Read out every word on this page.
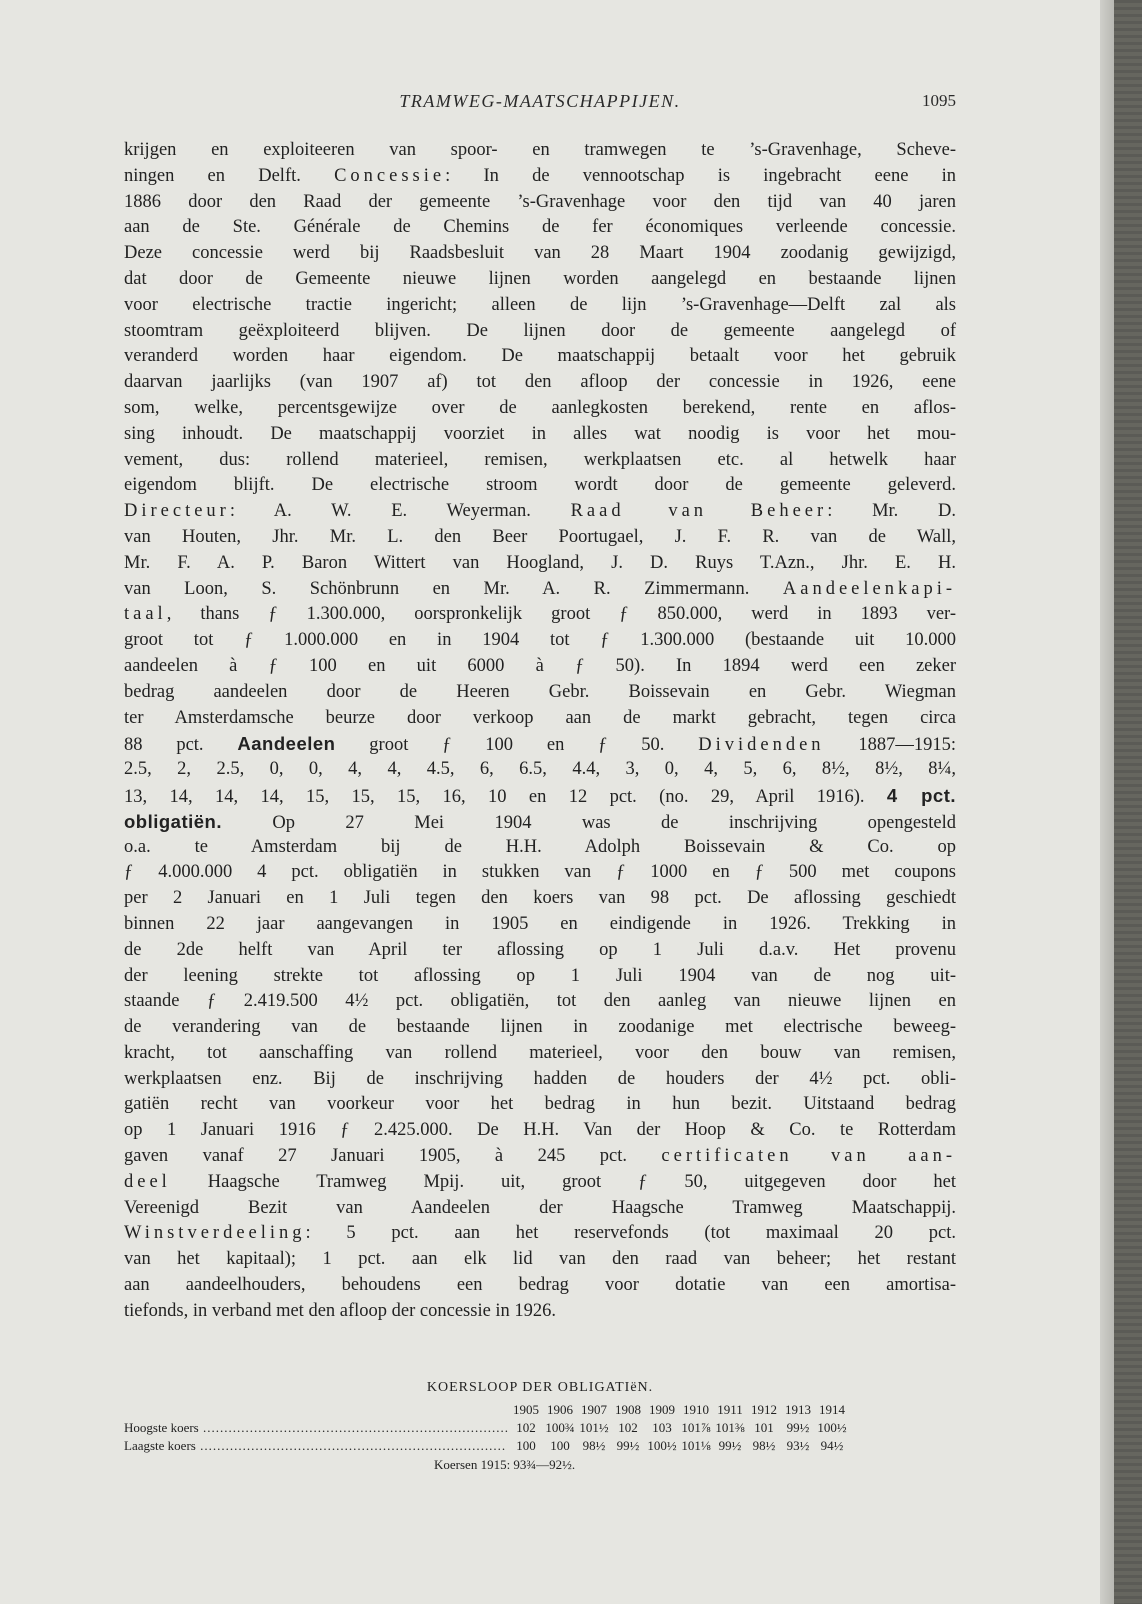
TRAMWEG-MAATSCHAPPIJEN.	1095
krijgen en exploiteeren van spoor- en tramwegen te ’s-Gravenhage, Scheve-
ningen en Delft. Concessie: In de vennootschap is ingebracht eene in
1886 door den Raad der gemeente ’s-Gravenhage voor den tijd van 40 jaren
aan de Ste. Générale de Chemins de fer économiques verleende concessie.
Deze concessie werd bij Raadsbesluit van 28 Maart 1904 zoodanig gewijzigd,
dat door de Gemeente nieuwe lijnen worden aangelegd en bestaande lijnen
voor electrische tractie ingericht; alleen de lijn ’s-Gravenhage—Delft zal als
stoomtram geëxploiteerd blijven. De lijnen door de gemeente aangelegd of
veranderd worden haar eigendom. De maatschappij betaalt voor het gebruik
daarvan jaarlijks (van 1907 af) tot den afloop der concessie in 1926, eene
som, welke, percentsgewijze over de aanlegkosten berekend, rente en aflos-
sing inhoudt. De maatschappij voorziet in alles wat noodig is voor het mou-
vement, dus: rollend materieel, remisen, werkplaatsen etc. al hetwelk haar
eigendom blijft. De electrische stroom wordt door de gemeente geleverd.
Directeur: A. W. E. Weyerman. Raad van Beheer: Mr. D.
van Houten, Jhr. Mr. L. den Beer Poortugael, J. F. R. van de Wall,
Mr. F. A. P. Baron Wittert van Hoogland, J. D. Ruys T.Azn., Jhr. E. H.
van Loon, S. Schönbrunn en Mr. A. R. Zimmermann. Aandeelenkapi-
taal, thans ƒ 1.300.000, oorspronkelijk groot ƒ 850.000, werd in 1893 ver-
groot tot ƒ 1.000.000 en in 1904 tot ƒ 1.300.000 (bestaande uit 10.000
aandeelen à ƒ 100 en uit 6000 à ƒ 50). In 1894 werd een zeker
bedrag aandeelen door de Heeren Gebr. Boissevain en Gebr. Wiegman
ter Amsterdamsche beurze door verkoop aan de markt gebracht, tegen circa
88 pct. Aandeelen groot ƒ 100 en ƒ 50. Dividenden 1887—1915:
2.5, 2, 2.5, 0, 0, 4, 4, 4.5, 6, 6.5, 4.4, 3, 0, 4, 5, 6, 8½, 8½, 8¼,
13, 14, 14, 14, 15, 15, 15, 16, 10 en 12 pct. (no. 29, April 1916). 4 pct.
obligatiën. Op 27 Mei 1904 was de inschrijving opengesteld
o.a. te Amsterdam bij de H.H. Adolph Boissevain & Co. op
ƒ 4.000.000 4 pct. obligatiën in stukken van ƒ 1000 en ƒ 500 met coupons
per 2 Januari en 1 Juli tegen den koers van 98 pct. De aflossing geschiedt
binnen 22 jaar aangevangen in 1905 en eindigende in 1926. Trekking in
de 2de helft van April ter aflossing op 1 Juli d.a.v. Het provenu
der leening strekte tot aflossing op 1 Juli 1904 van de nog uit-
staande ƒ 2.419.500 4½ pct. obligatiën, tot den aanleg van nieuwe lijnen en
de verandering van de bestaande lijnen in zoodanige met electrische beweeg-
kracht, tot aanschaffing van rollend materieel, voor den bouw van remisen,
werkplaatsen enz. Bij de inschrijving hadden de houders der 4½ pct. obli-
gatiën recht van voorkeur voor het bedrag in hun bezit. Uitstaand bedrag
op 1 Januari 1916 ƒ 2.425.000. De H.H. Van der Hoop & Co. te Rotterdam
gaven vanaf 27 Januari 1905, à 245 pct. certificaten van aan-
deel Haagsche Tramweg Mpij. uit, groot ƒ 50, uitgegeven door het
Vereenigd Bezit van Aandeelen der Haagsche Tramweg Maatschappij.
Winstverdeeling: 5 pct. aan het reservefonds (tot maximaal 20 pct.
van het kapitaal); 1 pct. aan elk lid van den raad van beheer; het restant
aan aandeelhouders, behoudens een bedrag voor dotatie van een amortisa-
tiefonds, in verband met den afloop der concessie in 1926.
KOERSLOOP DER OBLIGATIëN.
	1905	1906	1907	1908	1909	1910	1911	1912	1913	1914
Hoogste koers .....	102	100¾	101½	102	103	101⅞	101⅜	101	99½	100½
Laagste koers .....	100	100	98½	99½	100½	101⅛	99½	98½	93½	94½
Koersen 1915: 93¾—92½.
